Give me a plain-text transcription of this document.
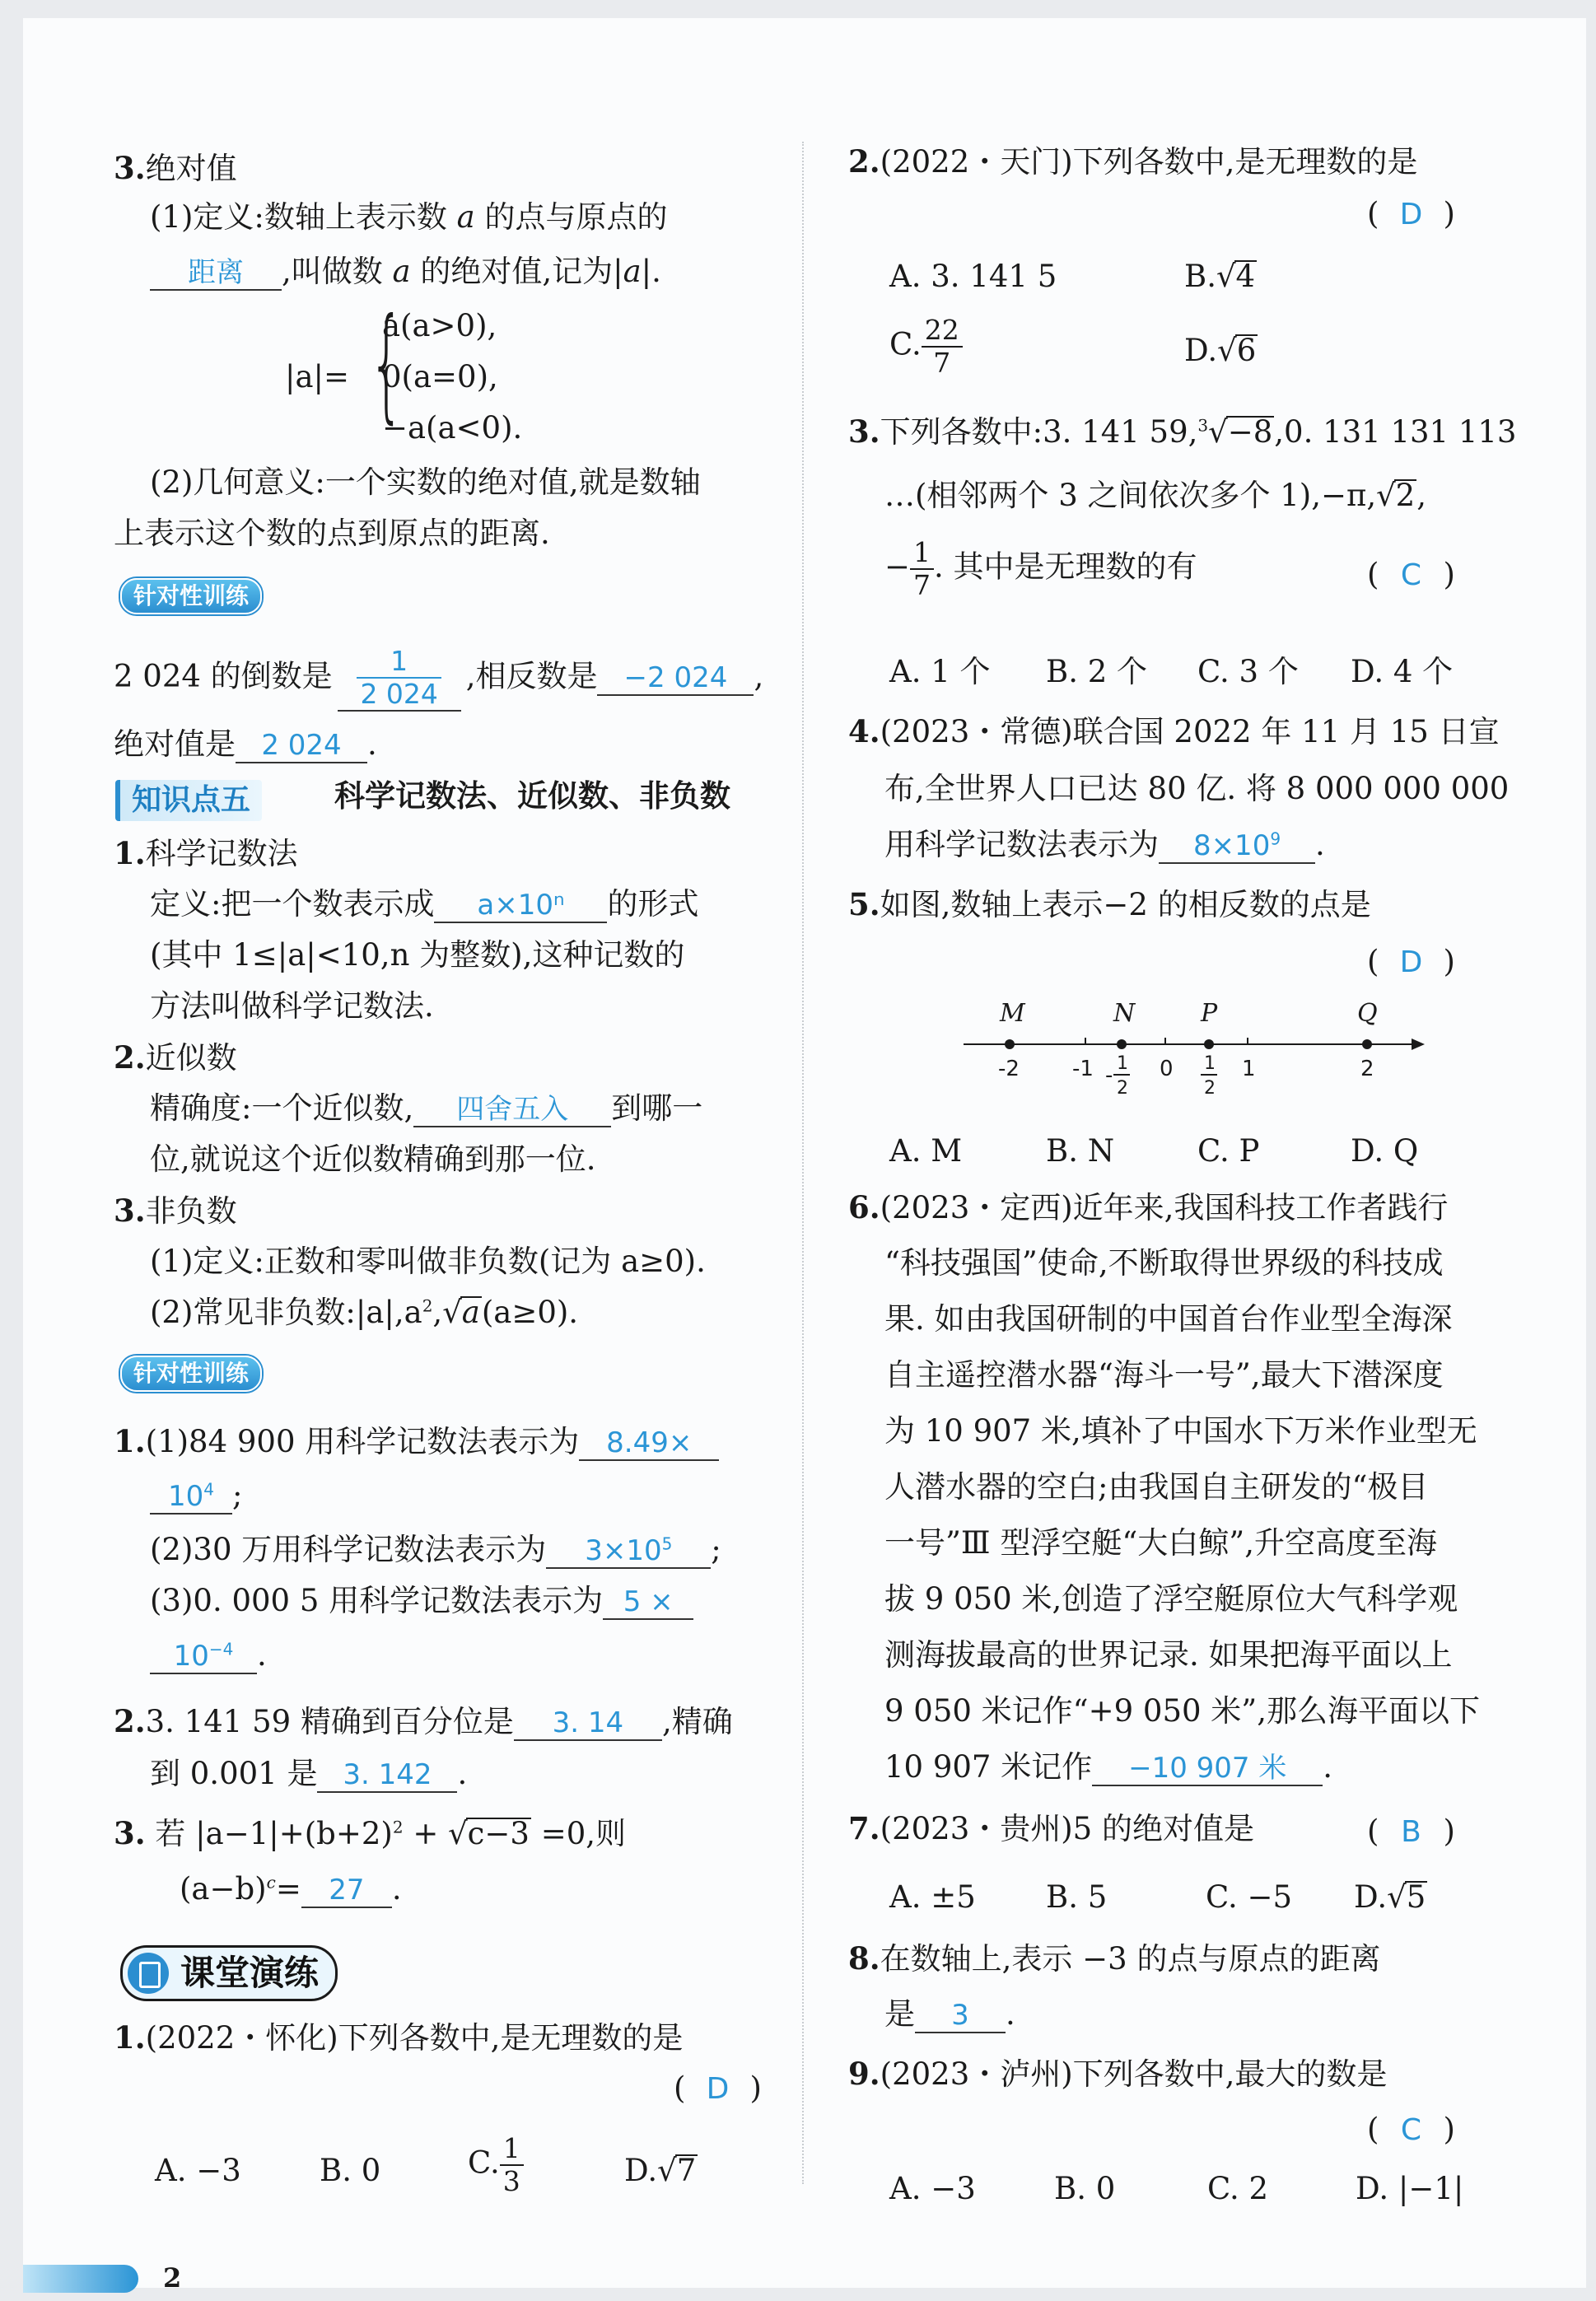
3.绝对值
(1)定义:数轴上表示数 a 的点与原点的
距离 ,叫做数 a 的绝对值,记为|a|.
|a|= {
a(a>0),
0(a=0),
−a(a<0).
(2)几何意义:一个实数的绝对值,就是数轴
上表示这个数的点到原点的距离.
针对性训练
2 024 的倒数是 $\frac{1}{2 024}$ ,相反数是 −2 024 ,
绝对值是 2 024 .
知识点五	科学记数法、近似数、非负数
1.科学记数法
定义:把一个数表示成 a×10ⁿ 的形式
(其中 1≤|a|<10,n 为整数),这种记数的
方法叫做科学记数法.
2.近似数
精确度:一个近似数, 四舍五入 到哪一
位,就说这个近似数精确到那一位.
3.非负数
(1)定义:正数和零叫做非负数(记为 a≥0).
(2)常见非负数$:|a|,a^2,√a(a\ge 0)$.
针对性训练
1.(1)84 900 用科学记数法表示为 8.49×
$10^4$ ;
(2)30 万用科学记数法表示为 $3\times 10^5$ ;
(3)0. 000 5 用科学记数法表示为 5 ×
$10^{-4}$ .
2.3. 141 59 精确到百分位是 3. 14 ,精确
到 0.001 是 3. 142 .
3. 若 $|a-1|+(b+2)^2 + √c-3 =0$,则
$(a-b)^c= 27$ .
课堂演练
1.(2022・怀化)下列各数中,是无理数的是
( D )
A. −3	B. 0	C. $\frac{1}{3}$	D.√7
2.(2022・天门)下列各数中,是无理数的是
( D )
A. 3. 141 5	B.√4
C. $\frac{22}{7}$	D.√6
3.下列各数中:3. 141 59,$^3$√−8,0. 131 131 113
…(相邻两个 3 之间依次多个 1),−π,√2,
− $\frac{1}{7}$ . 其中是无理数的有	( C )
A. 1 个 B. 2 个 C. 3 个 D. 4 个
4.(2023・常德)联合国 2022 年 11 月 15 日宣
布,全世界人口已达 80 亿. 将 8 000 000 000
用科学记数法表示为 $8\times 10^9$ .
5.如图,数轴上表示−2 的相反数的点是
( D )
M	N	P	Q
-2 -1	0	1	2
- 1
2
1
2
A. M	B. N	C. P	D. Q
6.(2023・定西)近年来,我国科技工作者践行
“科技强国”使命,不断取得世界级的科技成
果. 如由我国研制的中国首台作业型全海深
自主遥控潜水器“海斗一号”,最大下潜深度
为 10 907 米,填补了中国水下万米作业型无
人潜水器的空白;由我国自主研发的“极目
一号”Ⅲ 型浮空艇“大白鲸”,升空高度至海
拔 9 050 米,创造了浮空艇原位大气科学观
测海拔最高的世界记录. 如果把海平面以上
9 050 米记作“+9 050 米”,那么海平面以下
10 907 米记作 −10 907 米 .
7.(2023・贵州)5 的绝对值是	( B )
A. ±5 B. 5	C. −5 D.√5
8.在数轴上,表示 −3 的点与原点的距离
是 3 .
9.(2023・泸州)下列各数中,最大的数是
( C )
A. −3	B. 0	C. 2	D. |−1|
2
